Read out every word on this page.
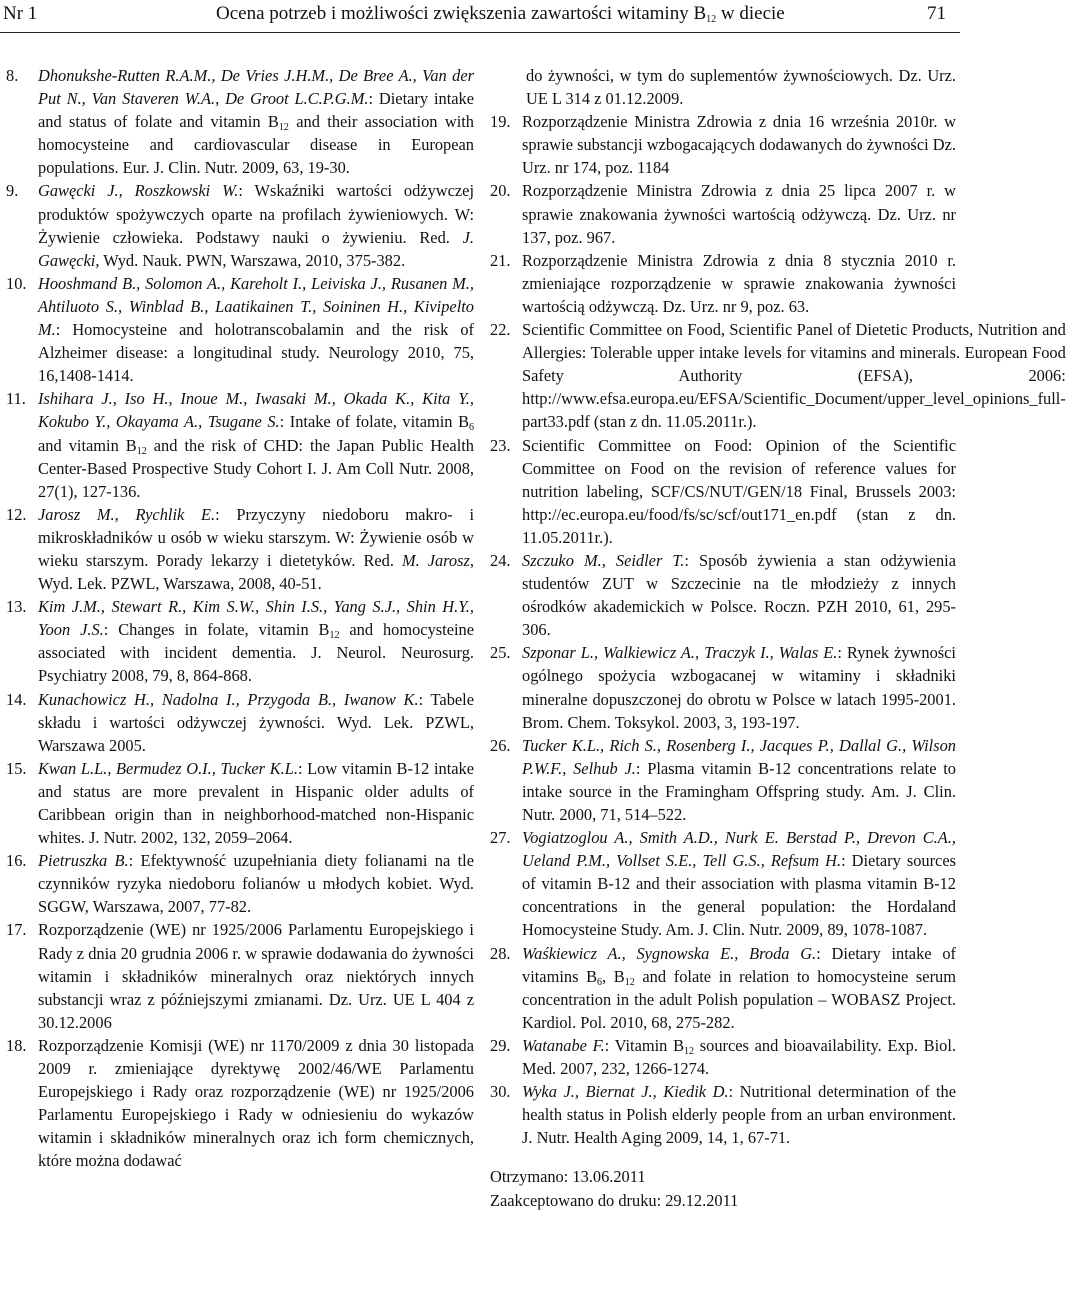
Nr 1	Ocena potrzeb i możliwości zwiększenia zawartości witaminy $B_{12}$ w diecie	71
8.	Dhonukshe-Rutten R.A.M., De Vries J.H.M., De Bree A., Van der Put N., Van Staveren W.A., De Groot L.C.P.G.M.: Dietary intake and status of folate and vitamin $B_{12}$ and their association with homocysteine and cardiovascular disease in European populations. Eur. J. Clin. Nutr. 2009, 63, 19-30.
9.	Gawęcki J., Roszkowski W.: Wskaźniki wartości odżywczej produktów spożywczych oparte na profilach żywieniowych. W: Żywienie człowieka. Podstawy nauki o żywieniu. Red. J. Gawęcki, Wyd. Nauk. PWN, Warszawa, 2010, 375-382.
10. Hooshmand B., Solomon A., Kareholt I., Leiviska J., Rusanen M., Ahtiluoto S., Winblad B., Laatikainen T., Soininen H., Kivipelto M.: Homocysteine and holotranscobalamin and the risk of Alzheimer disease: a longitudinal study. Neurology 2010, 75, 16,1408-1414.
11. Ishihara J., Iso H., Inoue M., Iwasaki M., Okada K., Kita Y., Kokubo Y., Okayama A., Tsugane S.: Intake of folate, vitamin $B_6$ and vitamin $B_{12}$ and the risk of CHD: the Japan Public Health Center-Based Prospective Study Cohort I. J. Am Coll Nutr. 2008, 27(1), 127-136.
12. Jarosz M., Rychlik E.: Przyczyny niedoboru makro- i mikroskładników u osób w wieku starszym. W: Żywienie osób w wieku starszym. Porady lekarzy i dietetyków. Red. M. Jarosz, Wyd. Lek. PZWL, Warszawa, 2008, 40-51.
13. Kim J.M., Stewart R., Kim S.W., Shin I.S., Yang S.J., Shin H.Y., Yoon J.S.: Changes in folate, vitamin $B_{12}$ and homocysteine associated with incident dementia. J. Neurol. Neurosurg. Psychiatry 2008, 79, 8, 864-868.
14. Kunachowicz H., Nadolna I., Przygoda B., Iwanow K.: Tabele składu i wartości odżywczej żywności. Wyd. Lek. PZWL, Warszawa 2005.
15. Kwan L.L., Bermudez O.I., Tucker K.L.: Low vitamin B-12 intake and status are more prevalent in Hispanic older adults of Caribbean origin than in neighborhood-matched non-Hispanic whites. J. Nutr. 2002, 132, 2059–2064.
16. Pietruszka B.: Efektywność uzupełniania diety folianami na tle czynników ryzyka niedoboru folianów u młodych kobiet. Wyd. SGGW, Warszawa, 2007, 77-82.
17. Rozporządzenie (WE) nr 1925/2006 Parlamentu Europejskiego i Rady z dnia 20 grudnia 2006 r. w sprawie dodawania do żywności witamin i składników mineralnych oraz niektórych innych substancji wraz z późniejszymi zmianami. Dz. Urz. UE L 404 z 30.12.2006
18. Rozporządzenie Komisji (WE) nr 1170/2009 z dnia 30 listopada 2009 r. zmieniające dyrektywę 2002/46/WE Parlamentu Europejskiego i Rady oraz rozporządzenie (WE) nr 1925/2006 Parlamentu Europejskiego i Rady w odniesieniu do wykazów witamin i składników mineralnych oraz ich form chemicznych, które można dodawać
do żywności, w tym do suplementów żywnościowych. Dz. Urz. UE L 314 z 01.12.2009.
19. Rozporządzenie Ministra Zdrowia z dnia 16 września 2010r. w sprawie substancji wzbogacających dodawanych do żywności Dz. Urz. nr 174, poz. 1184
20. Rozporządzenie Ministra Zdrowia z dnia 25 lipca 2007 r. w sprawie znakowania żywności wartością odżywczą. Dz. Urz. nr 137, poz. 967.
21. Rozporządzenie Ministra Zdrowia z dnia 8 stycznia 2010 r. zmieniające rozporządzenie w sprawie znakowania żywności wartością odżywczą. Dz. Urz. nr 9, poz. 63.
22. Scientific Committee on Food, Scientific Panel of Dietetic Products, Nutrition and Allergies: Tolerable upper intake levels for vitamins and minerals. European Food Safety Authority (EFSA), 2006: http://www.efsa.europa.eu/EFSA/Scientific_Document/upper_level_opinions_full-part33.pdf (stan z dn. 11.05.2011r.).
23. Scientific Committee on Food: Opinion of the Scientific Committee on Food on the revision of reference values for nutrition labeling, SCF/CS/NUT/GEN/18 Final, Brussels 2003: http://ec.europa.eu/food/fs/sc/scf/out171_en.pdf (stan z dn. 11.05.2011r.).
24. Szczuko M., Seidler T.: Sposób żywienia a stan odżywienia studentów ZUT w Szczecinie na tle młodzieży z innych ośrodków akademickich w Polsce. Roczn. PZH 2010, 61, 295-306.
25. Szponar L., Walkiewicz A., Traczyk I., Walas E.: Rynek żywności ogólnego spożycia wzbogacanej w witaminy i składniki mineralne dopuszczonej do obrotu w Polsce w latach 1995-2001. Brom. Chem. Toksykol. 2003, 3, 193-197.
26. Tucker K.L., Rich S., Rosenberg I., Jacques P., Dallal G., Wilson P.W.F., Selhub J.: Plasma vitamin B-12 concentrations relate to intake source in the Framingham Offspring study. Am. J. Clin. Nutr. 2000, 71, 514–522.
27. Vogiatzoglou A., Smith A.D., Nurk E. Berstad P., Drevon C.A., Ueland P.M., Vollset S.E., Tell G.S., Refsum H.: Dietary sources of vitamin B-12 and their association with plasma vitamin B-12 concentrations in the general population: the Hordaland Homocysteine Study. Am. J. Clin. Nutr. 2009, 89, 1078-1087.
28. Waśkiewicz A., Sygnowska E., Broda G.: Dietary intake of vitamins $B_6$, $B_{12}$ and folate in relation to homocysteine serum concentration in the adult Polish population – WOBASZ Project. Kardiol. Pol. 2010, 68, 275-282.
29. Watanabe F.: Vitamin $B_{12}$ sources and bioavailability. Exp. Biol. Med. 2007, 232, 1266-1274.
30. Wyka J., Biernat J., Kiedik D.: Nutritional determination of the health status in Polish elderly people from an urban environment. J. Nutr. Health Aging 2009, 14, 1, 67-71.
Otrzymano: 13.06.2011
Zaakceptowano do druku: 29.12.2011
